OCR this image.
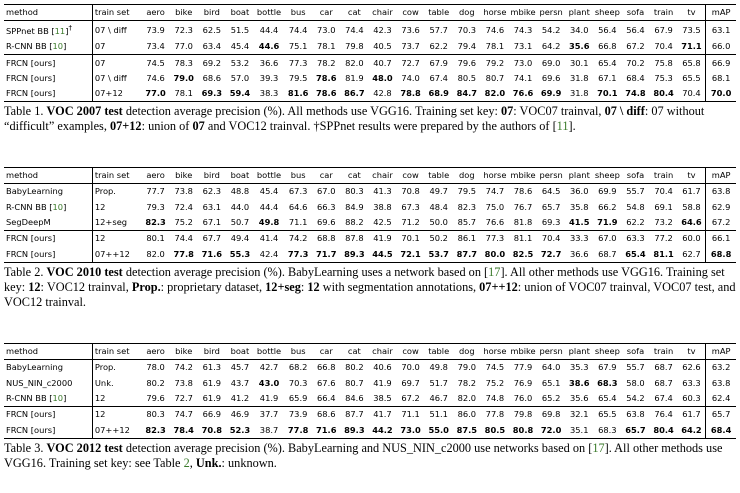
method	train set	aero	bike	bird	boat	bottle	bus	car	cat	chair	cow	table	dog	horse	mbike	persn	plant	sheep	sofa	train	tv	mAP
SPPnet BB [11]†	07 \ diff	73.9	72.3	62.5	51.5	44.4	74.4	73.0	74.4	42.3	73.6	57.7	70.3	74.6	74.3	54.2	34.0	56.4	56.4	67.9	73.5	63.1
R-CNN BB [10]	07	73.4	77.0	63.4	45.4	44.6	75.1	78.1	79.8	40.5	73.7	62.2	79.4	78.1	73.1	64.2	35.6	66.8	67.2	70.4	71.1	66.0
FRCN [ours]	07	74.5	78.3	69.2	53.2	36.6	77.3	78.2	82.0	40.7	72.7	67.9	79.6	79.2	73.0	69.0	30.1	65.4	70.2	75.8	65.8	66.9
FRCN [ours]	07 \ diff	74.6	79.0	68.6	57.0	39.3	79.5	78.6	81.9	48.0	74.0	67.4	80.5	80.7	74.1	69.6	31.8	67.1	68.4	75.3	65.5	68.1
FRCN [ours]	07+12	77.0	78.1	69.3	59.4	38.3	81.6	78.6	86.7	42.8	78.8	68.9	84.7	82.0	76.6	69.9	31.8	70.1	74.8	80.4	70.4	70.0
Table 1. VOC 2007 test detection average precision (%). All methods use VGG16. Training set key: 07: VOC07 trainval, 07 \ diff: 07 without “difficult” examples, 07+12: union of 07 and VOC12 trainval. †SPPnet results were prepared by the authors of [11].
method	train set	aero	bike	bird	boat	bottle	bus	car	cat	chair	cow	table	dog	horse	mbike	persn	plant	sheep	sofa	train	tv	mAP
BabyLearning	Prop.	77.7	73.8	62.3	48.8	45.4	67.3	67.0	80.3	41.3	70.8	49.7	79.5	74.7	78.6	64.5	36.0	69.9	55.7	70.4	61.7	63.8
R-CNN BB [10]	12	79.3	72.4	63.1	44.0	44.4	64.6	66.3	84.9	38.8	67.3	48.4	82.3	75.0	76.7	65.7	35.8	66.2	54.8	69.1	58.8	62.9
SegDeepM	12+seg	82.3	75.2	67.1	50.7	49.8	71.1	69.6	88.2	42.5	71.2	50.0	85.7	76.6	81.8	69.3	41.5	71.9	62.2	73.2	64.6	67.2
FRCN [ours]	12	80.1	74.4	67.7	49.4	41.4	74.2	68.8	87.8	41.9	70.1	50.2	86.1	77.3	81.1	70.4	33.3	67.0	63.3	77.2	60.0	66.1
FRCN [ours]	07++12	82.0	77.8	71.6	55.3	42.4	77.3	71.7	89.3	44.5	72.1	53.7	87.7	80.0	82.5	72.7	36.6	68.7	65.4	81.1	62.7	68.8
Table 2. VOC 2010 test detection average precision (%). BabyLearning uses a network based on [17]. All other methods use VGG16. Training set key: 12: VOC12 trainval, Prop.: proprietary dataset, 12+seg: 12 with segmentation annotations, 07++12: union of VOC07 trainval, VOC07 test, and VOC12 trainval.
method	train set	aero	bike	bird	boat	bottle	bus	car	cat	chair	cow	table	dog	horse	mbike	persn	plant	sheep	sofa	train	tv	mAP
BabyLearning	Prop.	78.0	74.2	61.3	45.7	42.7	68.2	66.8	80.2	40.6	70.0	49.8	79.0	74.5	77.9	64.0	35.3	67.9	55.7	68.7	62.6	63.2
NUS_NIN_c2000	Unk.	80.2	73.8	61.9	43.7	43.0	70.3	67.6	80.7	41.9	69.7	51.7	78.2	75.2	76.9	65.1	38.6	68.3	58.0	68.7	63.3	63.8
R-CNN BB [10]	12	79.6	72.7	61.9	41.2	41.9	65.9	66.4	84.6	38.5	67.2	46.7	82.0	74.8	76.0	65.2	35.6	65.4	54.2	67.4	60.3	62.4
FRCN [ours]	12	80.3	74.7	66.9	46.9	37.7	73.9	68.6	87.7	41.7	71.1	51.1	86.0	77.8	79.8	69.8	32.1	65.5	63.8	76.4	61.7	65.7
FRCN [ours]	07++12	82.3	78.4	70.8	52.3	38.7	77.8	71.6	89.3	44.2	73.0	55.0	87.5	80.5	80.8	72.0	35.1	68.3	65.7	80.4	64.2	68.4
Table 3. VOC 2012 test detection average precision (%). BabyLearning and NUS_NIN_c2000 use networks based on [17]. All other methods use VGG16. Training set key: see Table 2, Unk.: unknown.
